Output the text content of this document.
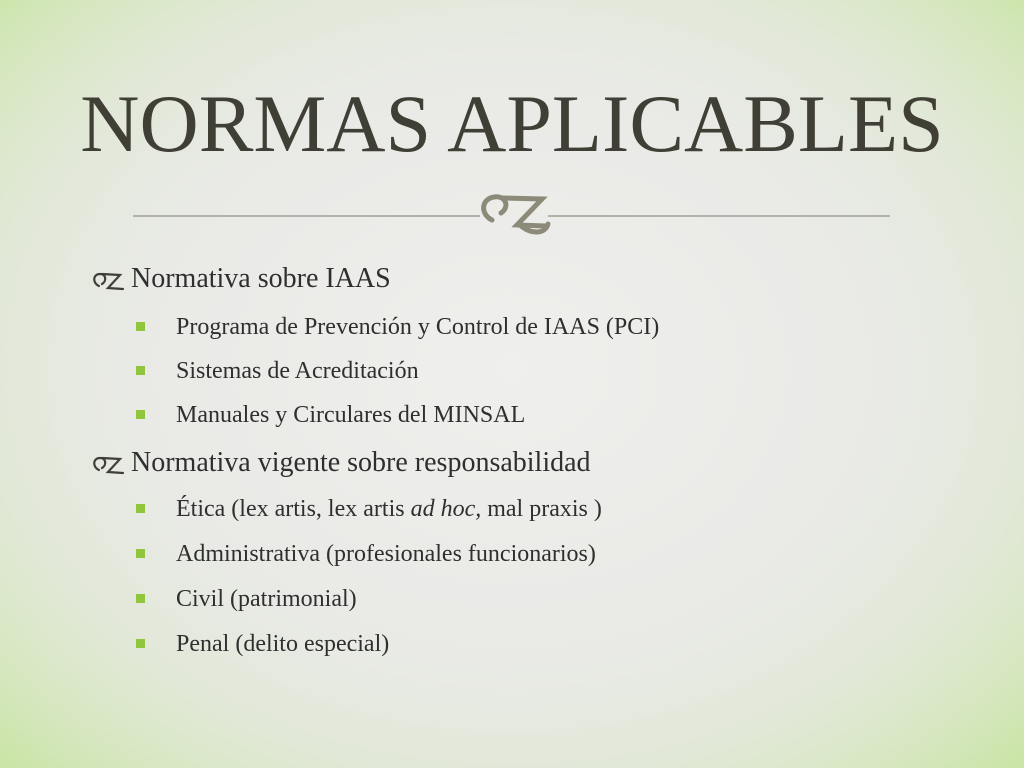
NORMAS APLICABLES
Normativa sobre IAAS
Programa de Prevención y Control de IAAS (PCI)
Sistemas de Acreditación
Manuales y Circulares del MINSAL
Normativa vigente sobre responsabilidad
Ética (lex artis, lex artis ad hoc, mal praxis )
Administrativa (profesionales funcionarios)
Civil (patrimonial)
Penal (delito especial)
